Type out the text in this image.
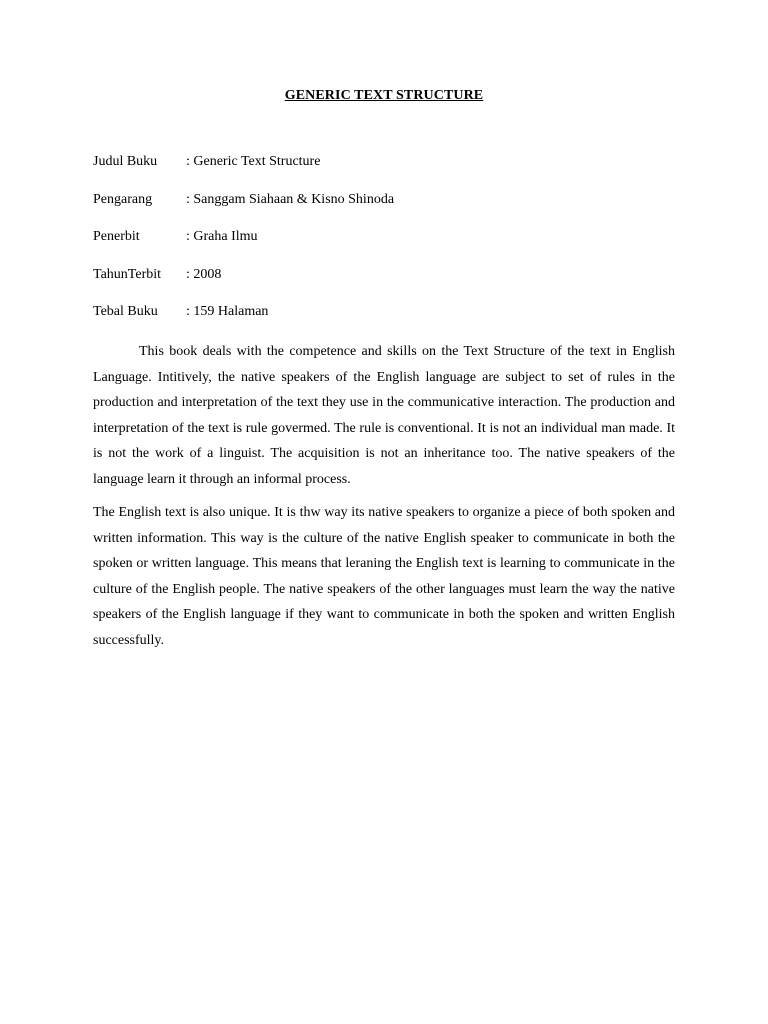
GENERIC TEXT STRUCTURE
Judul Buku	: Generic Text Structure
Pengarang	: Sanggam Siahaan & Kisno Shinoda
Penerbit	: Graha Ilmu
TahunTerbit	: 2008
Tebal Buku	: 159 Halaman

This book deals with the competence and skills on the Text Structure of the text in English Language. Intitively, the native speakers of the English language are subject to set of rules in the production and interpretation of the text they use in the communicative interaction. The production and interpretation of the text is rule govermed. The rule is conventional. It is not an individual man made. It is not the work of a linguist. The acquisition is not an inheritance too. The native speakers of the language learn it through an informal process.

The English text is also unique. It is thw way its native speakers to organize a piece of both spoken and written information. This way is the culture of the native English speaker to communicate in both the spoken or written language. This means that leraning the English text is learning to communicate in the culture of the English people. The native speakers of the other languages must learn the way the native speakers of the English language if they want to communicate in both the spoken and written English successfully.
